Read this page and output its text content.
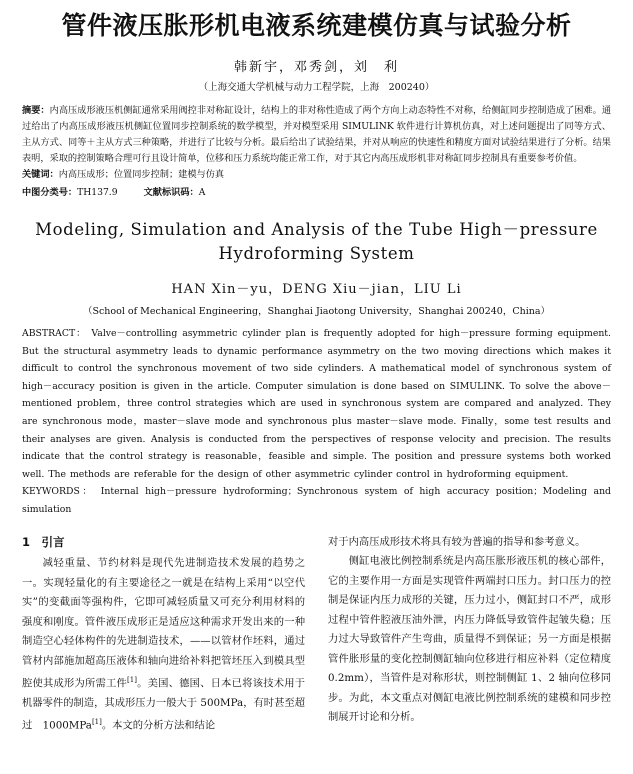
管件液压胀形机电液系统建模仿真与试验分析
韩新宇，邓秀剑，刘　利
（上海交通大学机械与动力工程学院，上海　200240）
摘要：内高压成形液压机侧缸通常采用阀控非对称缸设计，结构上的非对称性造成了两个方向上动态特性不对称，给侧缸同步控制造成了困难。通过给出了内高压成形液压机侧缸位置同步控制系统的数学模型，并对模型采用 SIMULINK 软件进行计算机仿真，对上述问题提出了同等方式、主从方式、同等＋主从方式三种策略，并进行了比较与分析。最后给出了试验结果，并对从响应的快速性和精度方面对试验结果进行了分析。结果表明，采取的控制策略合理可行且设计简单，位移和压力系统均能正常工作，对于其它内高压成形机非对称缸同步控制具有重要参考价值。
关键词：内高压成形；位置同步控制；建模与仿真
中图分类号：TH137.9	文献标识码：A
Modeling, Simulation and Analysis of the Tube High－pressure Hydroforming System
HAN Xin－yu，DENG Xiu－jian，LIU Li
（School of Mechanical Engineering，Shanghai Jiaotong University，Shanghai 200240，China）
ABSTRACT： Valve－controlling asymmetric cylinder plan is frequently adopted for high－pressure forming equipment. But the structural asymmetry leads to dynamic performance asymmetry on the two moving directions which makes it difficult to control the synchronous movement of two side cylinders. A mathematical model of synchronous system of high－accuracy position is given in the article. Computer simulation is done based on SIMULINK. To solve the above－mentioned problem，three control strategies which are used in synchronous system are compared and analyzed. They are synchronous mode，master－slave mode and synchronous plus master－slave mode. Finally，some test results and their analyses are given. Analysis is conducted from the perspectives of response velocity and precision. The results indicate that the control strategy is reasonable，feasible and simple. The position and pressure systems both worked well. The methods are referable for the design of other asymmetric cylinder control in hydroforming equipment.
KEYWORDS： Internal high－pressure hydroforming；Synchronous system of high accuracy position；Modeling and simulation
1　引言

减轻重量、节约材料是现代先进制造技术发展的趋势之一。实现轻量化的有主要途径之一就是在结构上采用“以空代实”的变截面等强构件，它即可减轻质量又可充分利用材料的强度和刚度。管件液压成形正是适应这种需求开发出来的一种制造空心轻体构件的先进制造技术，——以管材作坯料，通过管材内部施加超高压液体和轴向进给补料把管坯压入到模具型腔使其成形为所需工件[1]。美国、德国、日本已将该技术用于机器零件的制造，其成形压力一般大于 500MPa，有时甚至超过　1000MPa[1]。本文的分析方法和结论

对于内高压成形技术将具有较为普遍的指导和参考意义。

侧缸电液比例控制系统是内高压胀形液压机的核心部件，它的主要作用一方面是实现管件两端封口压力。封口压力的控制是保证内压力成形的关键，压力过小，侧缸封口不严，成形过程中管件腔液压油外泄，内压力降低导致管件起皱失稳；压力过大导致管件产生弯曲，质量得不到保证；另一方面是根据管件胀形量的变化控制侧缸轴向位移进行相应补料（定位精度 0.2mm），当管件是对称形状，则控制侧缸 1、2 轴向位移同步。为此，本文重点对侧缸电液比例控制系统的建模和同步控制展开讨论和分析。
